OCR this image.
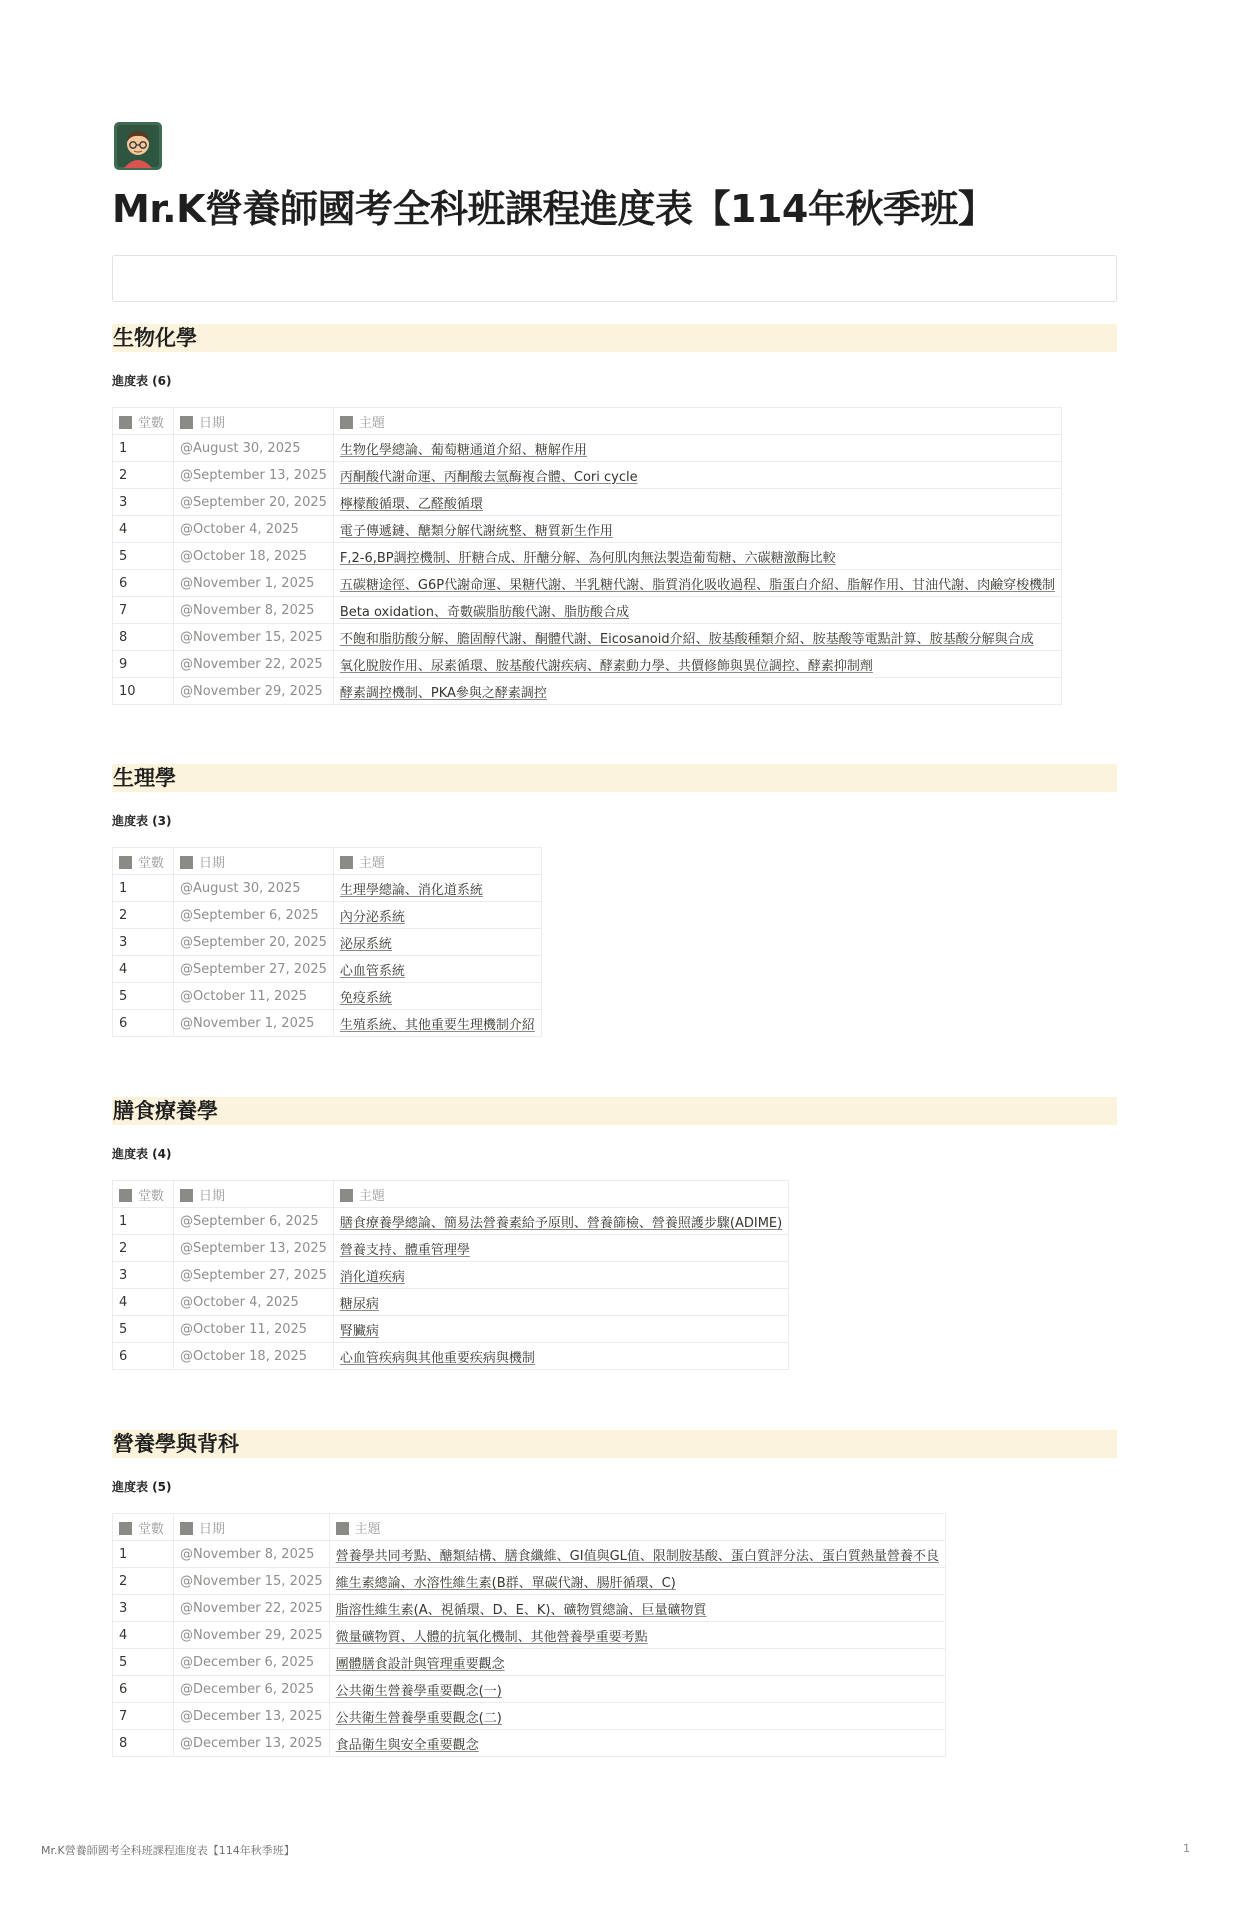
Mr.K營養師國考全科班課程進度表【114年秋季班】
生物化學
進度表 (6)
堂數	日期	主題
1	@August 30, 2025	生物化學總論、葡萄糖通道介紹、糖解作用
2	@September 13, 2025	丙酮酸代謝命運、丙酮酸去氫酶複合體、Cori cycle
3	@September 20, 2025	檸檬酸循環、乙醛酸循環
4	@October 4, 2025	電子傳遞鏈、醣類分解代謝統整、糖質新生作用
5	@October 18, 2025	F,2-6,BP調控機制、肝糖合成、肝醣分解、為何肌肉無法製造葡萄糖、六碳糖激酶比較
6	@November 1, 2025	五碳糖途徑、G6P代謝命運、果糖代謝、半乳糖代謝、脂質消化吸收過程、脂蛋白介紹、脂解作用、甘油代謝、肉鹼穿梭機制
7	@November 8, 2025	Beta oxidation、奇數碳脂肪酸代謝、脂肪酸合成
8	@November 15, 2025	不飽和脂肪酸分解、膽固醇代謝、酮體代謝、Eicosanoid介紹、胺基酸種類介紹、胺基酸等電點計算、胺基酸分解與合成
9	@November 22, 2025	氧化脫胺作用、尿素循環、胺基酸代謝疾病、酵素動力學、共價修飾與異位調控、酵素抑制劑
10	@November 29, 2025	酵素調控機制、PKA參與之酵素調控
生理學
進度表 (3)
堂數	日期	主題
1	@August 30, 2025	生理學總論、消化道系統
2	@September 6, 2025	內分泌系統
3	@September 20, 2025	泌尿系統
4	@September 27, 2025	心血管系統
5	@October 11, 2025	免疫系統
6	@November 1, 2025	生殖系統、其他重要生理機制介紹
膳食療養學
進度表 (4)
堂數	日期	主題
1	@September 6, 2025	膳食療養學總論、簡易法營養素給予原則、營養篩檢、營養照護步驟(ADIME)
2	@September 13, 2025	營養支持、體重管理學
3	@September 27, 2025	消化道疾病
4	@October 4, 2025	糖尿病
5	@October 11, 2025	腎臟病
6	@October 18, 2025	心血管疾病與其他重要疾病與機制
營養學與背科
進度表 (5)
堂數	日期	主題
1	@November 8, 2025	營養學共同考點、醣類結構、膳食纖維、GI值與GL值、限制胺基酸、蛋白質評分法、蛋白質熱量營養不良
2	@November 15, 2025	維生素總論、水溶性維生素(B群、單碳代謝、腸肝循環、C)
3	@November 22, 2025	脂溶性維生素(A、視循環、D、E、K)、礦物質總論、巨量礦物質
4	@November 29, 2025	微量礦物質、人體的抗氧化機制、其他營養學重要考點
5	@December 6, 2025	團體膳食設計與管理重要觀念
6	@December 6, 2025	公共衛生營養學重要觀念(一)
7	@December 13, 2025	公共衛生營養學重要觀念(二)
8	@December 13, 2025	食品衛生與安全重要觀念
Mr.K營養師國考全科班課程進度表【114年秋季班】	1
